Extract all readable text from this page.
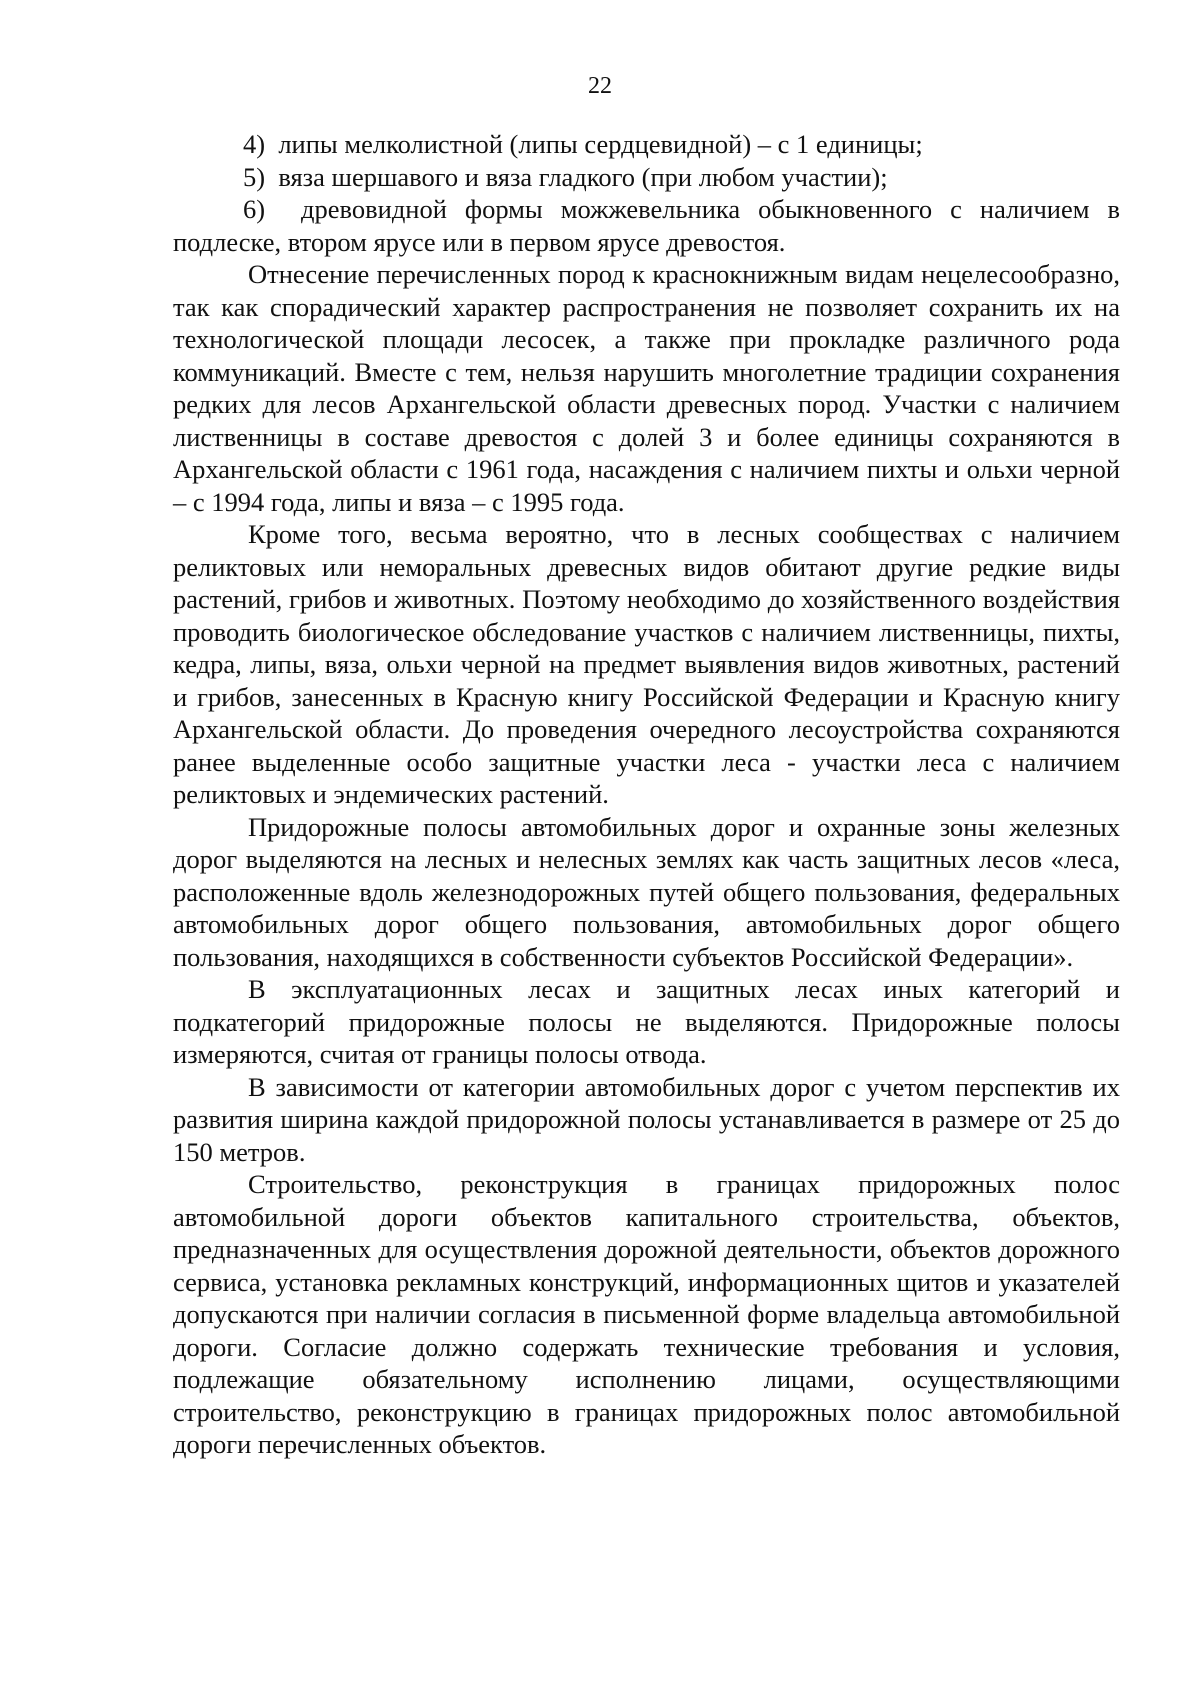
22

4) липы мелколистной (липы сердцевидной) – с 1 единицы;

5) вяза шершавого и вяза гладкого (при любом участии);

6) древовидной формы можжевельника обыкновенного с наличием в подлеске, втором ярусе или в первом ярусе древостоя.

Отнесение перечисленных пород к краснокнижным видам нецелесообразно, так как спорадический характер распространения не позволяет сохранить их на технологической площади лесосек, а также при прокладке различного рода коммуникаций. Вместе с тем, нельзя нарушить многолетние традиции сохранения редких для лесов Архангельской области древесных пород. Участки с наличием лиственницы в составе древостоя с долей 3 и более единицы сохраняются в Архангельской области с 1961 года, насаждения с наличием пихты и ольхи черной – с 1994 года, липы и вяза – с 1995 года.

Кроме того, весьма вероятно, что в лесных сообществах с наличием реликтовых или неморальных древесных видов обитают другие редкие виды растений, грибов и животных. Поэтому необходимо до хозяйственного воздействия проводить биологическое обследование участков с наличием лиственницы, пихты, кедра, липы, вяза, ольхи черной на предмет выявления видов животных, растений и грибов, занесенных в Красную книгу Российской Федерации и Красную книгу Архангельской области. До проведения очередного лесоустройства сохраняются ранее выделенные особо защитные участки леса - участки леса с наличием реликтовых и эндемических растений.

Придорожные полосы автомобильных дорог и охранные зоны железных дорог выделяются на лесных и нелесных землях как часть защитных лесов «леса, расположенные вдоль железнодорожных путей общего пользования, федеральных автомобильных дорог общего пользования, автомобильных дорог общего пользования, находящихся в собственности субъектов Российской Федерации».

В эксплуатационных лесах и защитных лесах иных категорий и подкатегорий придорожные полосы не выделяются. Придорожные полосы измеряются, считая от границы полосы отвода.

В зависимости от категории автомобильных дорог с учетом перспектив их развития ширина каждой придорожной полосы устанавливается в размере от 25 до 150 метров.

Строительство, реконструкция в границах придорожных полос автомобильной дороги объектов капитального строительства, объектов, предназначенных для осуществления дорожной деятельности, объектов дорожного сервиса, установка рекламных конструкций, информационных щитов и указателей допускаются при наличии согласия в письменной форме владельца автомобильной дороги. Согласие должно содержать технические требования и условия, подлежащие обязательному исполнению лицами, осуществляющими строительство, реконструкцию в границах придорожных полос автомобильной дороги перечисленных объектов.
